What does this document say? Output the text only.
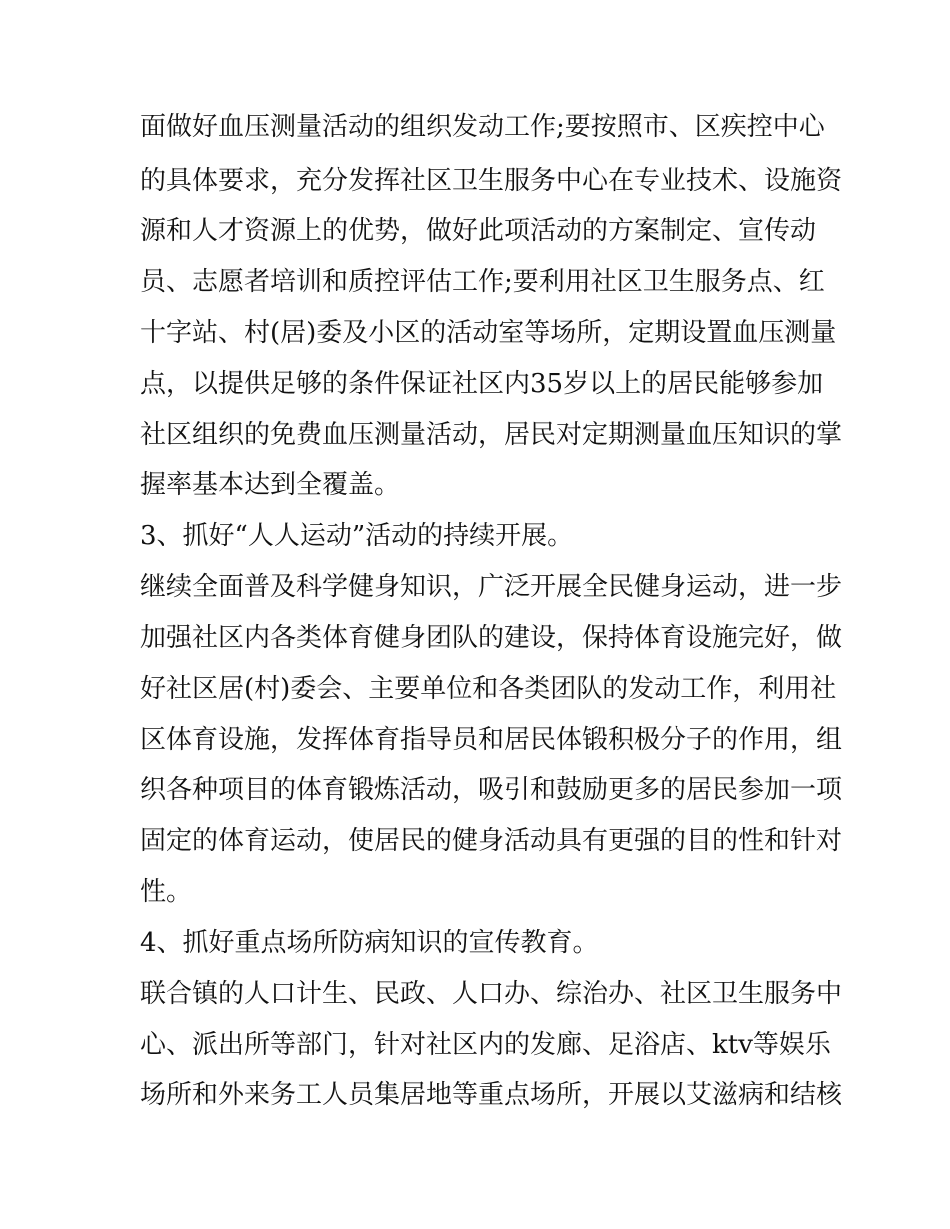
面做好血压测量活动的组织发动工作;要按照市、区疾控中心
的具体要求，充分发挥社区卫生服务中心在专业技术、设施资
源和人才资源上的优势，做好此项活动的方案制定、宣传动
员、志愿者培训和质控评估工作;要利用社区卫生服务点、红
十字站、村(居)委及小区的活动室等场所，定期设置血压测量
点，以提供足够的条件保证社区内35岁以上的居民能够参加
社区组织的免费血压测量活动，居民对定期测量血压知识的掌
握率基本达到全覆盖。
3、抓好“人人运动”活动的持续开展。
继续全面普及科学健身知识，广泛开展全民健身运动，进一步
加强社区内各类体育健身团队的建设，保持体育设施完好，做
好社区居(村)委会、主要单位和各类团队的发动工作，利用社
区体育设施，发挥体育指导员和居民体锻积极分子的作用，组
织各种项目的体育锻炼活动，吸引和鼓励更多的居民参加一项
固定的体育运动，使居民的健身活动具有更强的目的性和针对
性。
4、抓好重点场所防病知识的宣传教育。
联合镇的人口计生、民政、人口办、综治办、社区卫生服务中
心、派出所等部门，针对社区内的发廊、足浴店、ktv等娱乐
场所和外来务工人员集居地等重点场所，开展以艾滋病和结核
